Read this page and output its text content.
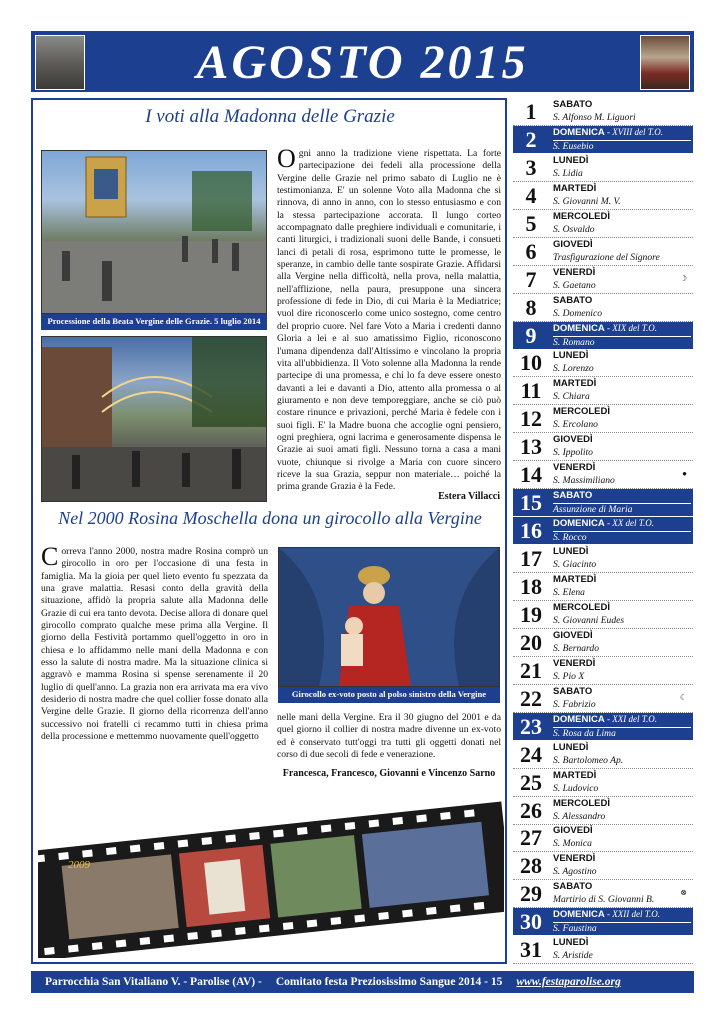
AGOSTO 2015
I voti alla Madonna delle Grazie
Processione della Beata Vergine delle Grazie. 5 luglio 2014
Ogni anno la tradizione viene rispettata. La forte partecipazione dei fedeli alla processione della Vergine delle Grazie nel primo sabato di Luglio ne è testimonianza. E' un solenne Voto alla Madonna che si rinnova, di anno in anno, con lo stesso entusiasmo e con la stessa partecipazione accorata. Il lungo corteo accompagnato dalle preghiere individuali e comunitarie, i canti liturgici, i tradizionali suoni delle Bande, i consueti lanci di petali di rosa, esprimono tutte le promesse, le speranze, in cambio delle tante sospirate Grazie. Affidarsi alla Vergine nella difficoltà, nella prova, nella malattia, nell'afflizione, nella paura, presuppone una sincera professione di fede in Dio, di cui Maria è la Mediatrice; vuol dire riconoscerlo come unico sostegno, come centro del proprio cuore. Nel fare Voto a Maria i credenti danno Gloria a lei e al suo amatissimo Figlio, riconoscono l'umana dipendenza dall'Altissimo e vincolano la propria vita all'ubbidienza. Il Voto solenne alla Madonna la rende partecipe di una promessa, e chi lo fa deve essere onesto davanti a lei e davanti a Dio, attento alla promessa o al giuramento e non deve temporeggiare, anche se ciò può costare rinunce e privazioni, perché Maria è fedele con i suoi figli. E' la Madre buona che accoglie ogni pensiero, ogni preghiera, ogni lacrima e generosamente dispensa le Grazie ai suoi amati figli. Nessuno torna a casa a mani vuote, chiunque si rivolge a Maria con cuore sincero riceve la sua Grazia, seppur non materiale… poiché la prima grande Grazia è la Fede.
Estera Villacci
Nel 2000 Rosina Moschella dona un girocollo alla Vergine
Correva l'anno 2000, nostra madre Rosina comprò un girocollo in oro per l'occasione di una festa in famiglia. Ma la gioia per quel lieto evento fu spezzata da una grave malattia. Resasi conto della gravità della situazione, affidò la propria salute alla Madonna delle Grazie di cui era tanto devota. Decise allora di donare quel girocollo comprato qualche mese prima alla Vergine. Il giorno della Festività portammo quell'oggetto in oro in chiesa e lo affidammo nelle mani della Madonna e con esso la salute di nostra madre. Ma la situazione clinica si aggravò e mamma Rosina si spense serenamente il 20 luglio di quell'anno. La grazia non era arrivata ma era vivo desiderio di nostra madre che quel collier fosse donato alla Vergine delle Grazie. Il giorno della ricorrenza dell'anno successivo noi fratelli ci recammo tutti in chiesa prima della processione e mettemmo nuovamente quell'oggetto
Girocollo ex-voto posto al polso sinistro della Vergine
nelle mani della Vergine. Era il 30 giugno del 2001 e da quel giorno il collier di nostra madre divenne un ex-voto ed è conservato tutt'oggi tra tutti gli oggetti donati nel corso di due secoli di fede e venerazione.
Francesca, Francesco, Giovanni e Vincenzo Sarno
2009
1	SABATO
S. Alfonso M. Liguori
2	DOMENICA - XVIII del T.O.
S. Eusebio
3	LUNEDÌ
S. Lidia
4	MARTEDÌ
S. Giovanni M. V.
5	MERCOLEDÌ
S. Osvaldo
6	GIOVEDÌ
Trasfigurazione del Signore
7	VENERDÌ
S. Gaetano
☽
8	SABATO
S. Domenico
9	DOMENICA - XIX del T.O.
S. Romano
10	LUNEDÌ
S. Lorenzo
11	MARTEDÌ
S. Chiara
12	MERCOLEDÌ
S. Ercolano
13	GIOVEDÌ
S. Ippolito
14	VENERDÌ
S. Massimiliano
●
15	SABATO
Assunzione di Maria
16	DOMENICA - XX del T.O.
S. Rocco
17	LUNEDÌ
S. Giacinto
18	MARTEDÌ
S. Elena
19	MERCOLEDÌ
S. Giovanni Eudes
20	GIOVEDÌ
S. Bernardo
21	VENERDÌ
S. Pio X
22	SABATO
S. Fabrizio
☾
23	DOMENICA - XXI del T.O.
S. Rosa da Lima
24	LUNEDÌ
S. Bartolomeo Ap.
25	MARTEDÌ
S. Ludovico
26	MERCOLEDÌ
S. Alessandro
27	GIOVEDÌ
S. Monica
28	VENERDÌ
S. Agostino
29	SABATO
Martirio di S. Giovanni B.
⊗
30	DOMENICA - XXII del T.O.
S. Faustina
31	LUNEDÌ
S. Aristide
Parrocchia San Vitaliano V. - Parolise (AV) - Comitato festa Preziosissimo Sangue 2014 - 15 www.festaparolise.org
